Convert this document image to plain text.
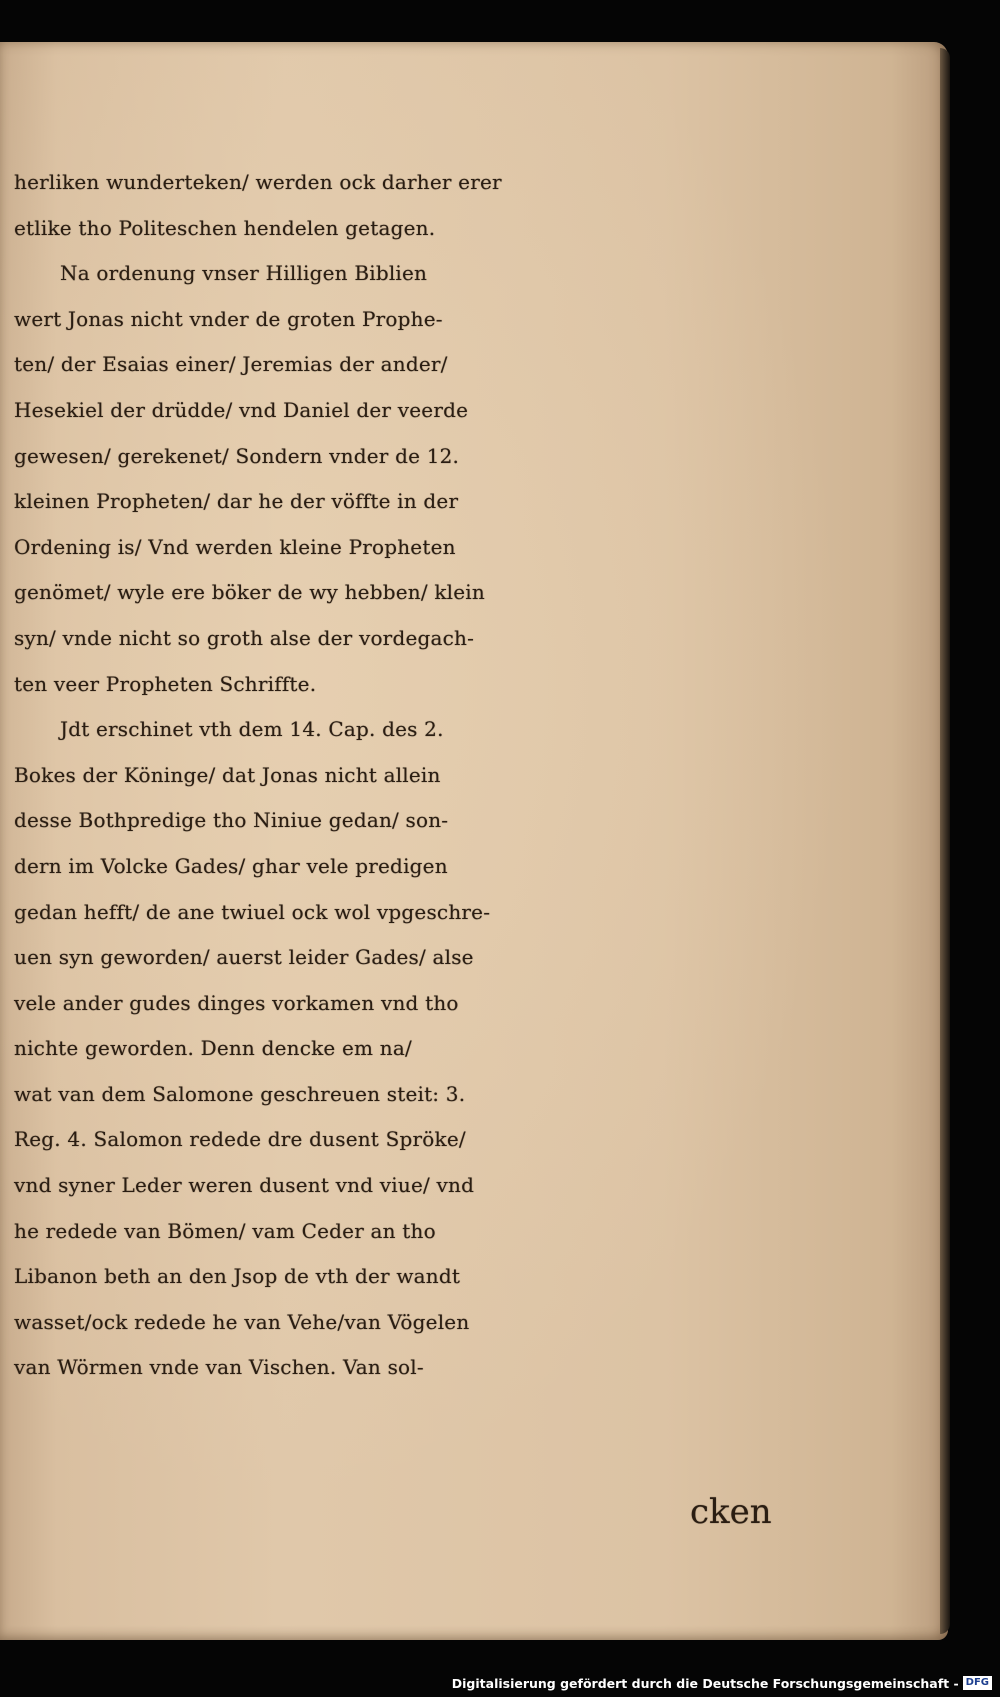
herliken wunderteken/ werden ock darher erer
etlike tho Politeschen hendelen getagen.
Na ordenung vnser Hilligen Biblien
wert Jonas nicht vnder de groten Prophe-
ten/ der Esaias einer/ Jeremias der ander/
Hesekiel der drüdde/ vnd Daniel der veerde
gewesen/ gerekenet/ Sondern vnder de 12.
kleinen Propheten/ dar he der vöffte in der
Ordening is/ Vnd werden kleine Propheten
genömet/ wyle ere böker de wy hebben/ klein
syn/ vnde nicht so groth alse der vordegach-
ten veer Propheten Schriffte.
Jdt erschinet vth dem 14. Cap. des 2.
Bokes der Köninge/ dat Jonas nicht allein
desse Bothpredige tho Niniue gedan/ son-
dern im Volcke Gades/ ghar vele predigen
gedan hefft/ de ane twiuel ock wol vpgeschre-
uen syn geworden/ auerst leider Gades/ alse
vele ander gudes dinges vorkamen vnd tho
nichte geworden. Denn dencke em na/
wat van dem Salomone geschreuen steit: 3.
Reg. 4. Salomon redede dre dusent Spröke/
vnd syner Leder weren dusent vnd viue/ vnd
he redede van Bömen/ vam Ceder an tho
Libanon beth an den Jsop de vth der wandt
wasset/ock redede he van Vehe/van Vögelen
van Wörmen vnde van Vischen. Van sol-
cken
Digitalisierung gefördert durch die Deutsche Forschungsgemeinschaft - DFG
